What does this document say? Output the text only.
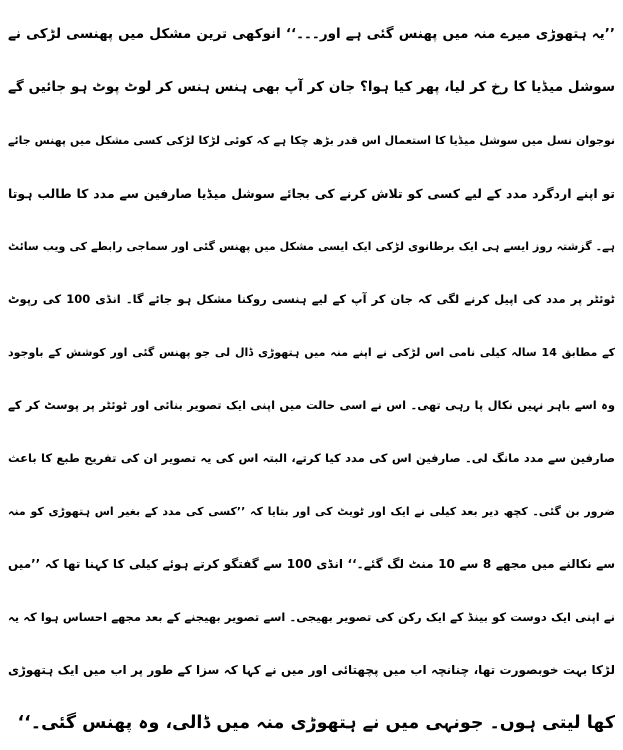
’’یہ ہتھوڑی میرے منہ میں پھنس گئی ہے اور۔۔۔‘‘ انوکھی ترین مشکل میں پھنسی لڑکی نے
سوشل میڈیا کا رخ کر لیا، پھر کیا ہوا؟ جان کر آپ بھی ہنس ہنس کر لوٹ پوٹ ہو جائیں گے
نوجوان نسل میں سوشل میڈیا کا استعمال اس قدر بڑھ چکا ہے کہ کوئی لڑکا لڑکی کسی مشکل میں پھنس جائے
تو اپنے اردگرد مدد کے لیے کسی کو تلاش کرنے کی بجائے سوشل میڈیا صارفین سے مدد کا طالب ہوتا
ہے۔ گزشتہ روز ایسے ہی ایک برطانوی لڑکی ایک ایسی مشکل میں پھنس گئی اور سماجی رابطے کی ویب سائٹ
ٹوئٹر پر مدد کی اپیل کرنے لگی کہ جان کر آپ کے لیے ہنسی روکنا مشکل ہو جائے گا۔ انڈی 100 کی رپوٹ
کے مطابق 14 سالہ کیلی نامی اس لڑکی نے اپنے منہ میں ہتھوڑی ڈال لی جو پھنس گئی اور کوشش کے باوجود
وہ اسے باہر نہیں نکال پا رہی تھی۔ اس نے اسی حالت میں اپنی ایک تصویر بنائی اور ٹوئٹر پر پوسٹ کر کے
صارفین سے مدد مانگ لی۔ صارفین اس کی مدد کیا کرتے، البتہ اس کی یہ تصویر ان کی تفریح طبع کا باعث
ضرور بن گئی۔ کچھ دیر بعد کیلی نے ایک اور ٹویٹ کی اور بتایا کہ ’’کسی کی مدد کے بغیر اس ہتھوڑی کو منہ
سے نکالنے میں مجھے 8 سے 10 منٹ لگ گئے۔‘‘ انڈی 100 سے گفتگو کرتے ہوئے کیلی کا کہنا تھا کہ ’’میں
نے اپنی ایک دوست کو بینڈ کے ایک رکن کی تصویر بھیجی۔ اسے تصویر بھیجنے کے بعد مجھے احساس ہوا کہ یہ
لڑکا بہت خوبصورت تھا، چنانچہ اب میں پچھتائی اور میں نے کہا کہ سزا کے طور پر اب میں ایک ہتھوڑی
کھا لیتی ہوں۔ جونہی میں نے ہتھوڑی منہ میں ڈالی، وہ پھنس گئی۔‘‘
